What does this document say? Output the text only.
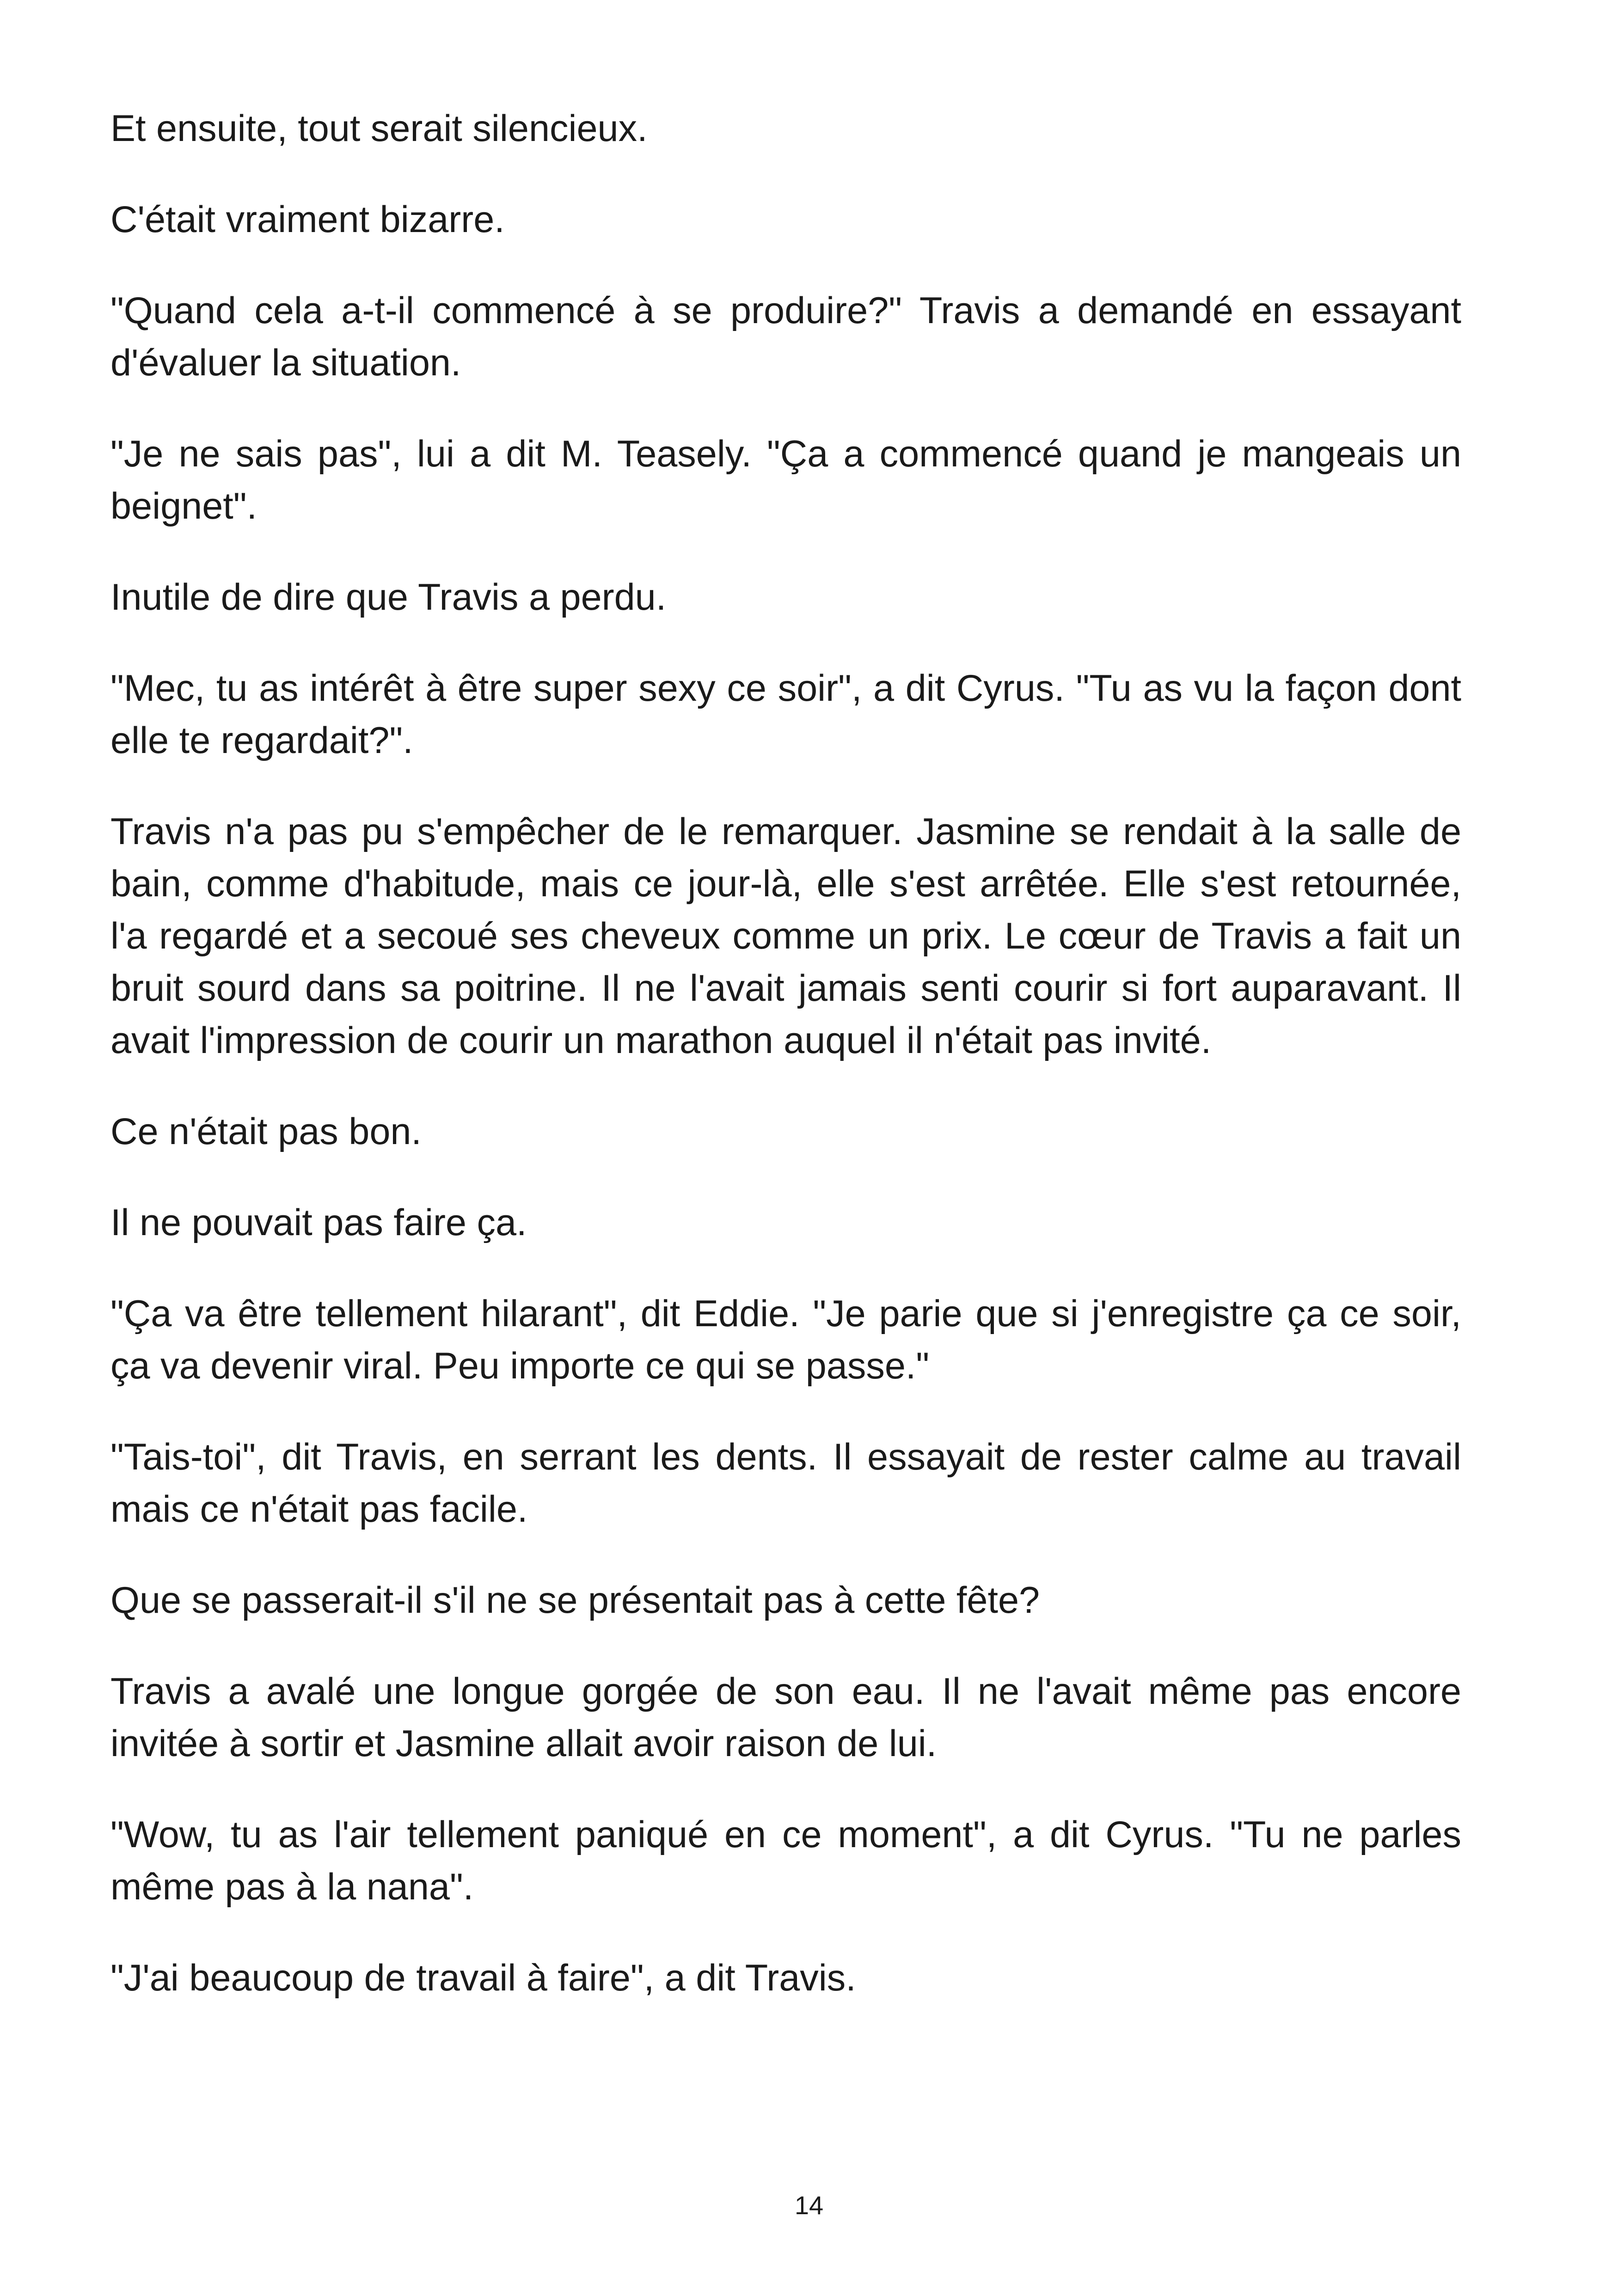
Et ensuite, tout serait silencieux.

C'était vraiment bizarre.

"Quand cela a-t-il commencé à se produire?" Travis a demandé en essayant d'évaluer la situation.

"Je ne sais pas", lui a dit M. Teasely. "Ça a commencé quand je mangeais un beignet".

Inutile de dire que Travis a perdu.

"Mec, tu as intérêt à être super sexy ce soir", a dit Cyrus. "Tu as vu la façon dont elle te regardait?".

Travis n'a pas pu s'empêcher de le remarquer. Jasmine se rendait à la salle de bain, comme d'habitude, mais ce jour-là, elle s'est arrêtée. Elle s'est retournée, l'a regardé et a secoué ses cheveux comme un prix. Le cœur de Travis a fait un bruit sourd dans sa poitrine. Il ne l'avait jamais senti courir si fort auparavant. Il avait l'impression de courir un marathon auquel il n'était pas invité.

Ce n'était pas bon.

Il ne pouvait pas faire ça.

"Ça va être tellement hilarant", dit Eddie. "Je parie que si j'enregistre ça ce soir, ça va devenir viral. Peu importe ce qui se passe."

"Tais-toi", dit Travis, en serrant les dents. Il essayait de rester calme au travail mais ce n'était pas facile.

Que se passerait-il s'il ne se présentait pas à cette fête?

Travis a avalé une longue gorgée de son eau. Il ne l'avait même pas encore invitée à sortir et Jasmine allait avoir raison de lui.

"Wow, tu as l'air tellement paniqué en ce moment", a dit Cyrus. "Tu ne parles même pas à la nana".

"J'ai beaucoup de travail à faire", a dit Travis.

14
